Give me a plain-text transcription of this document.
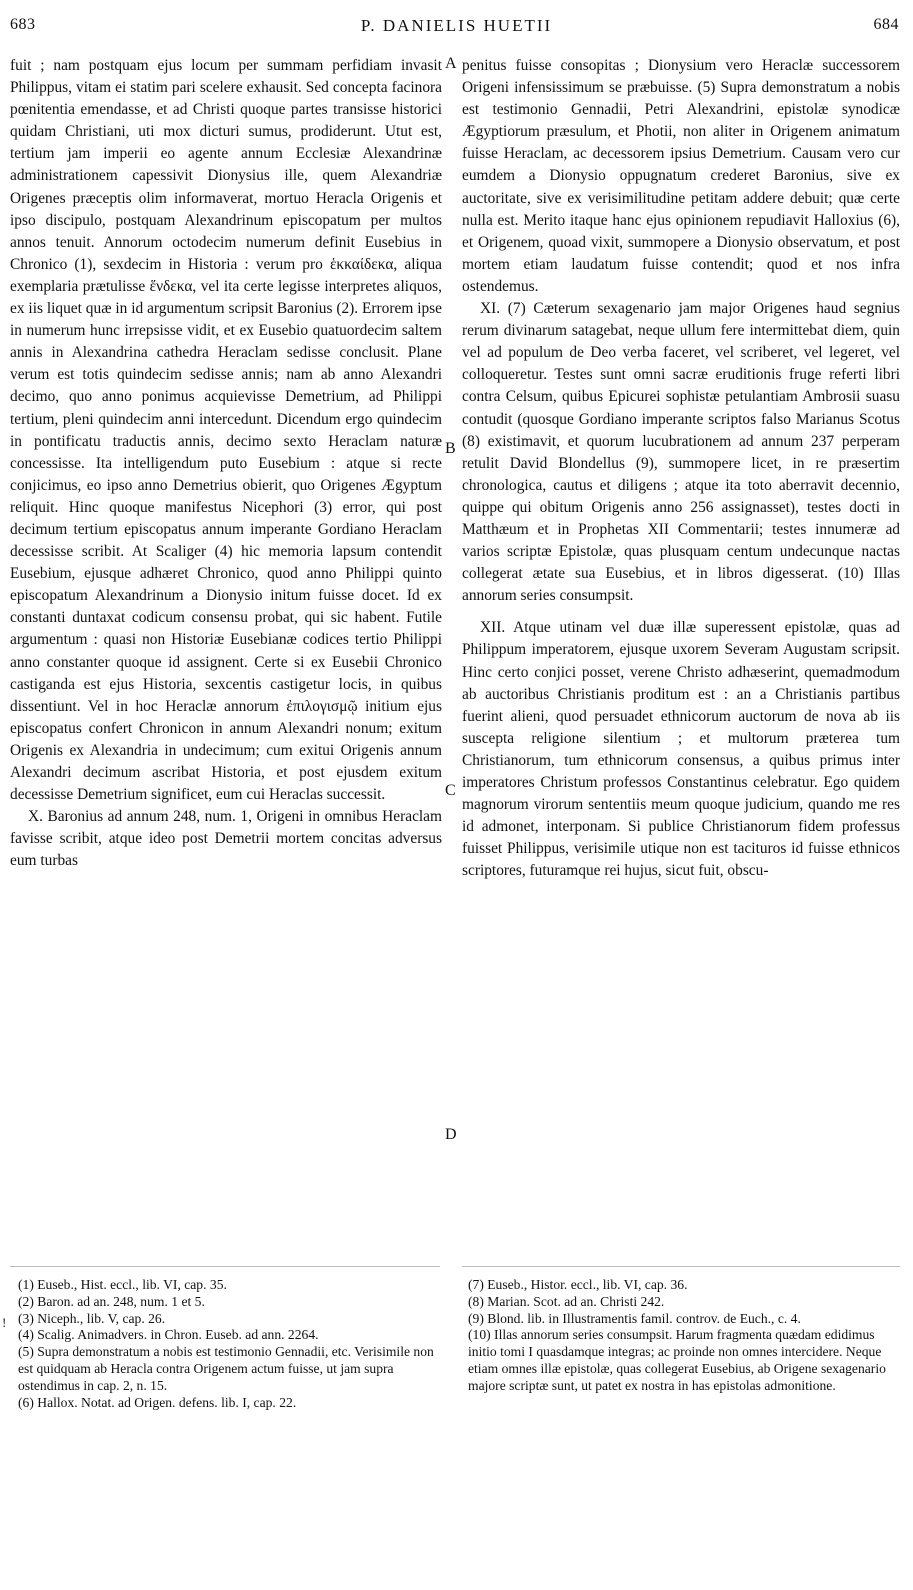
683	P. DANIELIS HUETII	684

fuit ; nam postquam ejus locum per summam perfidiam invasit Philippus, vitam ei statim pari scelere exhausit. Sed concepta facinora pœnitentia emendasse, et ad Christi quoque partes transisse historici quidam Christiani, uti mox dicturi sumus, prodiderunt. Utut est, tertium jam imperii eo agente annum Ecclesiæ Alexandrinæ administrationem capessivit Dionysius ille, quem Alexandriæ Origenes præceptis olim informaverat, mortuo Heracla Origenis et ipso discipulo, postquam Alexandrinum episcopatum per multos annos tenuit. Annorum octodecim numerum definit Eusebius in Chronico (1), sexdecim in Historia : verum pro ἑκκαίδεκα, aliqua exemplaria prætulisse ἕνδεκα, vel ita certe legisse interpretes aliquos, ex iis liquet quæ in id argumentum scripsit Baronius (2). Errorem ipse in numerum hunc irrepsisse vidit, et ex Eusebio quatuordecim saltem annis in Alexandrina cathedra Heraclam sedisse conclusit. Plane verum est totis quindecim sedisse annis; nam ab anno Alexandri decimo, quo anno ponimus acquievisse Demetrium, ad Philippi tertium, pleni quindecim anni intercedunt. Dicendum ergo quindecim in pontificatu traductis annis, decimo sexto Heraclam naturæ concessisse. Ita intelligendum puto Eusebium : atque si recte conjicimus, eo ipso anno Demetrius obierit, quo Origenes Ægyptum reliquit. Hinc quoque manifestus Nicephori (3) error, qui post decimum tertium episcopatus annum imperante Gordiano Heraclam decessisse scribit. At Scaliger (4) hic memoria lapsum contendit Eusebium, ejusque adhæret Chronico, quod anno Philippi quinto episcopatum Alexandrinum a Dionysio initum fuisse docet. Id ex constanti duntaxat codicum consensu probat, qui sic habent. Futile argumentum : quasi non Historiæ Eusebianæ codices tertio Philippi anno constanter quoque id assignent. Certe si ex Eusebii Chronico castiganda est ejus Historia, sexcentis castigetur locis, in quibus dissentiunt. Vel in hoc Heraclæ annorum ἐπιλογισμῷ initium ejus episcopatus confert Chronicon in annum Alexandri nonum; exitum Origenis ex Alexandria in undecimum; cum exitui Origenis annum Alexandri decimum ascribat Historia, et post ejusdem exitum decessisse Demetrium significet, eum cui Heraclas successit.

X. Baronius ad annum 248, num. 1, Origeni in omnibus Heraclam favisse scribit, atque ideo post Demetrii mortem concitas adversus eum turbas

A
B
C
D

penitus fuisse consopitas ; Dionysium vero Heraclæ successorem Origeni infensissimum se præbuisse. (5) Supra demonstratum a nobis est testimonio Gennadii, Petri Alexandrini, epistolæ synodicæ Ægyptiorum præsulum, et Photii, non aliter in Origenem animatum fuisse Heraclam, ac decessorem ipsius Demetrium. Causam vero cur eumdem a Dionysio oppugnatum crederet Baronius, sive ex auctoritate, sive ex verisimilitudine petitam addere debuit; quæ certe nulla est. Merito itaque hanc ejus opinionem repudiavit Halloxius (6), et Origenem, quoad vixit, summopere a Dionysio observatum, et post mortem etiam laudatum fuisse contendit; quod et nos infra ostendemus.

XI. (7) Cæterum sexagenario jam major Origenes haud segnius rerum divinarum satagebat, neque ullum fere intermittebat diem, quin vel ad populum de Deo verba faceret, vel scriberet, vel legeret, vel colloqueretur. Testes sunt omni sacræ eruditionis fruge referti libri contra Celsum, quibus Epicurei sophistæ petulantiam Ambrosii suasu contudit (quosque Gordiano imperante scriptos falso Marianus Scotus (8) existimavit, et quorum lucubrationem ad annum 237 perperam retulit David Blondellus (9), summopere licet, in re præsertim chronologica, cautus et diligens ; atque ita toto aberravit decennio, quippe qui obitum Origenis anno 256 assignasset), testes docti in Matthæum et in Prophetas XII Commentarii; testes innumeræ ad varios scriptæ Epistolæ, quas plusquam centum undecunque nactas collegerat ætate sua Eusebius, et in libros digesserat. (10) Illas annorum series consumpsit.

XII. Atque utinam vel duæ illæ superessent epistolæ, quas ad Philippum imperatorem, ejusque uxorem Severam Augustam scripsit. Hinc certo conjici posset, verene Christo adhæserint, quemadmodum ab auctoribus Christianis proditum est : an a Christianis partibus fuerint alieni, quod persuadet ethnicorum auctorum de nova ab iis suscepta religione silentium ; et multorum præterea tum Christianorum, tum ethnicorum consensus, a quibus primus inter imperatores Christum professos Constantinus celebratur. Ego quidem magnorum virorum sententiis meum quoque judicium, quando me res id admonet, interponam. Si publice Christianorum fidem professus fuisset Philippus, verisimile utique non est tacituros id fuisse ethnicos scriptores, futuramque rei hujus, sicut fuit, obscu-

!
(1) Euseb., Hist. eccl., lib. VI, cap. 35.
(2) Baron. ad an. 248, num. 1 et 5.
(3) Niceph., lib. V, cap. 26.
(4) Scalig. Animadvers. in Chron. Euseb. ad ann. 2264.
(5) Supra demonstratum a nobis est testimonio Gennadii, etc. Verisimile non est quidquam ab Heracla contra Origenem actum fuisse, ut jam supra ostendimus in cap. 2, n. 15.
(6) Hallox. Notat. ad Origen. defens. lib. I, cap. 22.
(7) Euseb., Histor. eccl., lib. VI, cap. 36.
(8) Marian. Scot. ad an. Christi 242.
(9) Blond. lib. in Illustramentis famil. controv. de Euch., c. 4.
(10) Illas annorum series consumpsit. Harum fragmenta quædam edidimus initio tomi I quasdamque integras; ac proinde non omnes intercidere. Neque etiam omnes illæ epistolæ, quas collegerat Eusebius, ab Origene sexagenario majore scriptæ sunt, ut patet ex nostra in has epistolas admonitione.
